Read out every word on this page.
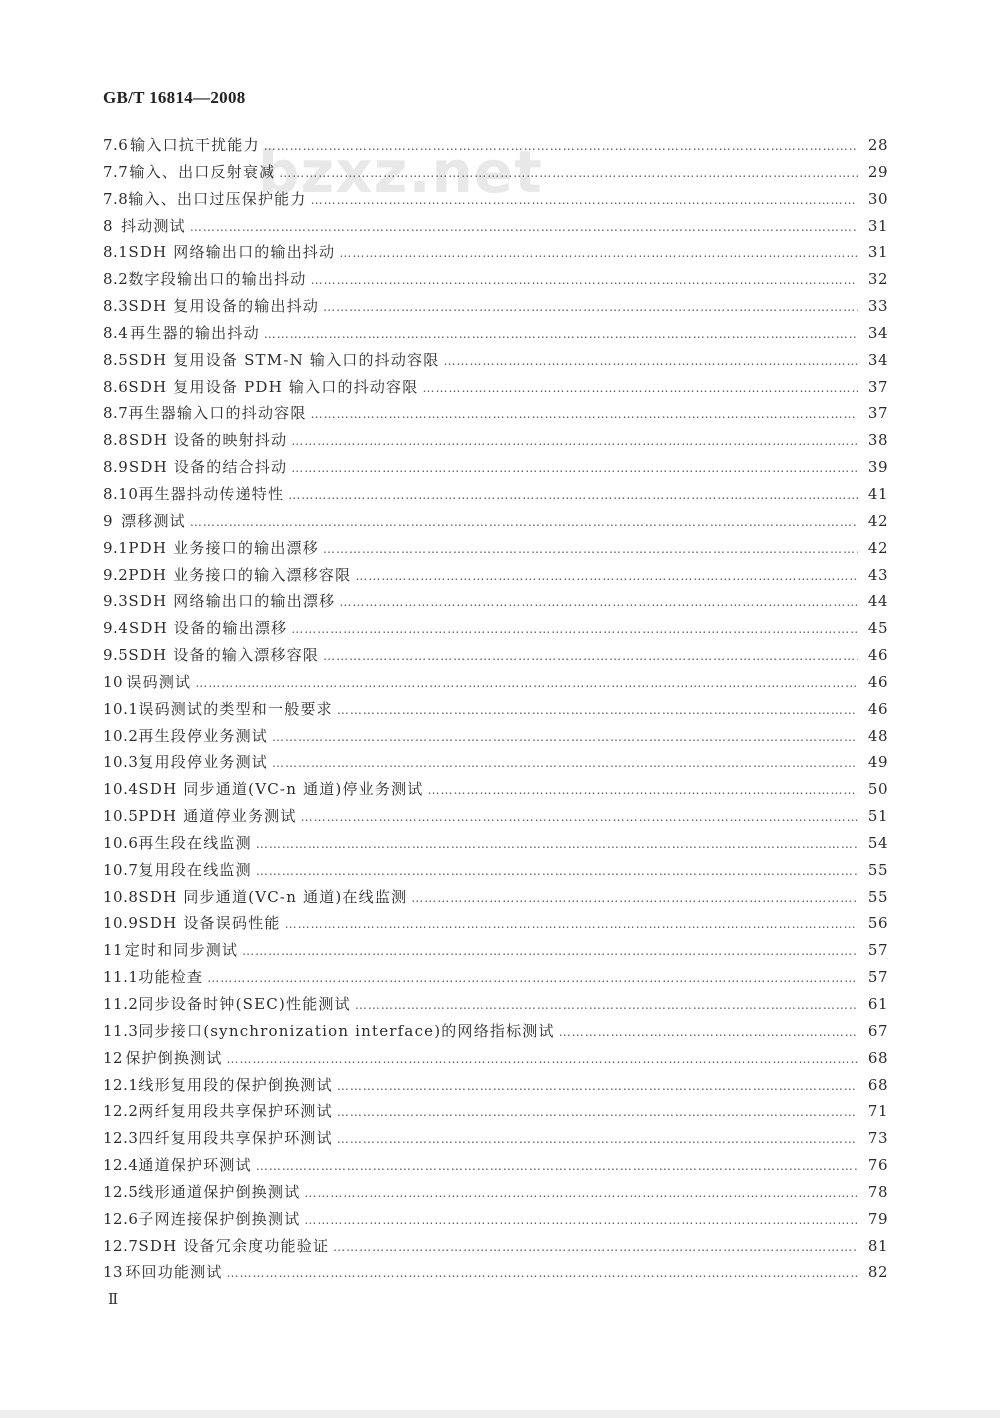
GB/T 16814—2008
bzxz.net
7.6 输入口抗干扰能力 ……………………………………………………………………………………………………………………………………………………………………………………………………	28
7.7 输入、出口反射衰减 ……………………………………………………………………………………………………………………………………………………………………………………………………	29
7.8 输入、出口过压保护能力 ……………………………………………………………………………………………………………………………………………………………………………………………………	30
8 抖动测试 ……………………………………………………………………………………………………………………………………………………………………………………………………	31
8.1 SDH 网络输出口的输出抖动 ……………………………………………………………………………………………………………………………………………………………………………………………………	31
8.2 数字段输出口的输出抖动 ……………………………………………………………………………………………………………………………………………………………………………………………………	32
8.3 SDH 复用设备的输出抖动 ……………………………………………………………………………………………………………………………………………………………………………………………………	33
8.4 再生器的输出抖动 ……………………………………………………………………………………………………………………………………………………………………………………………………	34
8.5 SDH 复用设备 STM-N 输入口的抖动容限 ……………………………………………………………………………………………………………………………………………………………………………………………………	34
8.6 SDH 复用设备 PDH 输入口的抖动容限 ……………………………………………………………………………………………………………………………………………………………………………………………………	37
8.7 再生器输入口的抖动容限 ……………………………………………………………………………………………………………………………………………………………………………………………………	37
8.8 SDH 设备的映射抖动 ……………………………………………………………………………………………………………………………………………………………………………………………………	38
8.9 SDH 设备的结合抖动 ……………………………………………………………………………………………………………………………………………………………………………………………………	39
8.10 再生器抖动传递特性 ……………………………………………………………………………………………………………………………………………………………………………………………………	41
9 漂移测试 ……………………………………………………………………………………………………………………………………………………………………………………………………	42
9.1 PDH 业务接口的输出漂移 ……………………………………………………………………………………………………………………………………………………………………………………………………	42
9.2 PDH 业务接口的输入漂移容限 ……………………………………………………………………………………………………………………………………………………………………………………………………	43
9.3 SDH 网络输出口的输出漂移 ……………………………………………………………………………………………………………………………………………………………………………………………………	44
9.4 SDH 设备的输出漂移 ……………………………………………………………………………………………………………………………………………………………………………………………………	45
9.5 SDH 设备的输入漂移容限 ……………………………………………………………………………………………………………………………………………………………………………………………………	46
10 误码测试 ……………………………………………………………………………………………………………………………………………………………………………………………………	46
10.1 误码测试的类型和一般要求 ……………………………………………………………………………………………………………………………………………………………………………………………………	46
10.2 再生段停业务测试 ……………………………………………………………………………………………………………………………………………………………………………………………………	48
10.3 复用段停业务测试 ……………………………………………………………………………………………………………………………………………………………………………………………………	49
10.4 SDH 同步通道(VC-n 通道)停业务测试 ……………………………………………………………………………………………………………………………………………………………………………………………………	50
10.5 PDH 通道停业务测试 ……………………………………………………………………………………………………………………………………………………………………………………………………	51
10.6 再生段在线监测 ……………………………………………………………………………………………………………………………………………………………………………………………………	54
10.7 复用段在线监测 ……………………………………………………………………………………………………………………………………………………………………………………………………	55
10.8 SDH 同步通道(VC-n 通道)在线监测 ……………………………………………………………………………………………………………………………………………………………………………………………………	55
10.9 SDH 设备误码性能 ……………………………………………………………………………………………………………………………………………………………………………………………………	56
11 定时和同步测试 ……………………………………………………………………………………………………………………………………………………………………………………………………	57
11.1 功能检查 ……………………………………………………………………………………………………………………………………………………………………………………………………	57
11.2 同步设备时钟(SEC)性能测试 ……………………………………………………………………………………………………………………………………………………………………………………………………	61
11.3 同步接口(synchronization interface)的网络指标测试 ……………………………………………………………………………………………………………………………………………………………………………………………………	67
12 保护倒换测试 ……………………………………………………………………………………………………………………………………………………………………………………………………	68
12.1 线形复用段的保护倒换测试 ……………………………………………………………………………………………………………………………………………………………………………………………………	68
12.2 两纤复用段共享保护环测试 ……………………………………………………………………………………………………………………………………………………………………………………………………	71
12.3 四纤复用段共享保护环测试 ……………………………………………………………………………………………………………………………………………………………………………………………………	73
12.4 通道保护环测试 ……………………………………………………………………………………………………………………………………………………………………………………………………	76
12.5 线形通道保护倒换测试 ……………………………………………………………………………………………………………………………………………………………………………………………………	78
12.6 子网连接保护倒换测试 ……………………………………………………………………………………………………………………………………………………………………………………………………	79
12.7 SDH 设备冗余度功能验证 ……………………………………………………………………………………………………………………………………………………………………………………………………	81
13 环回功能测试 ……………………………………………………………………………………………………………………………………………………………………………………………………	82
Ⅱ
